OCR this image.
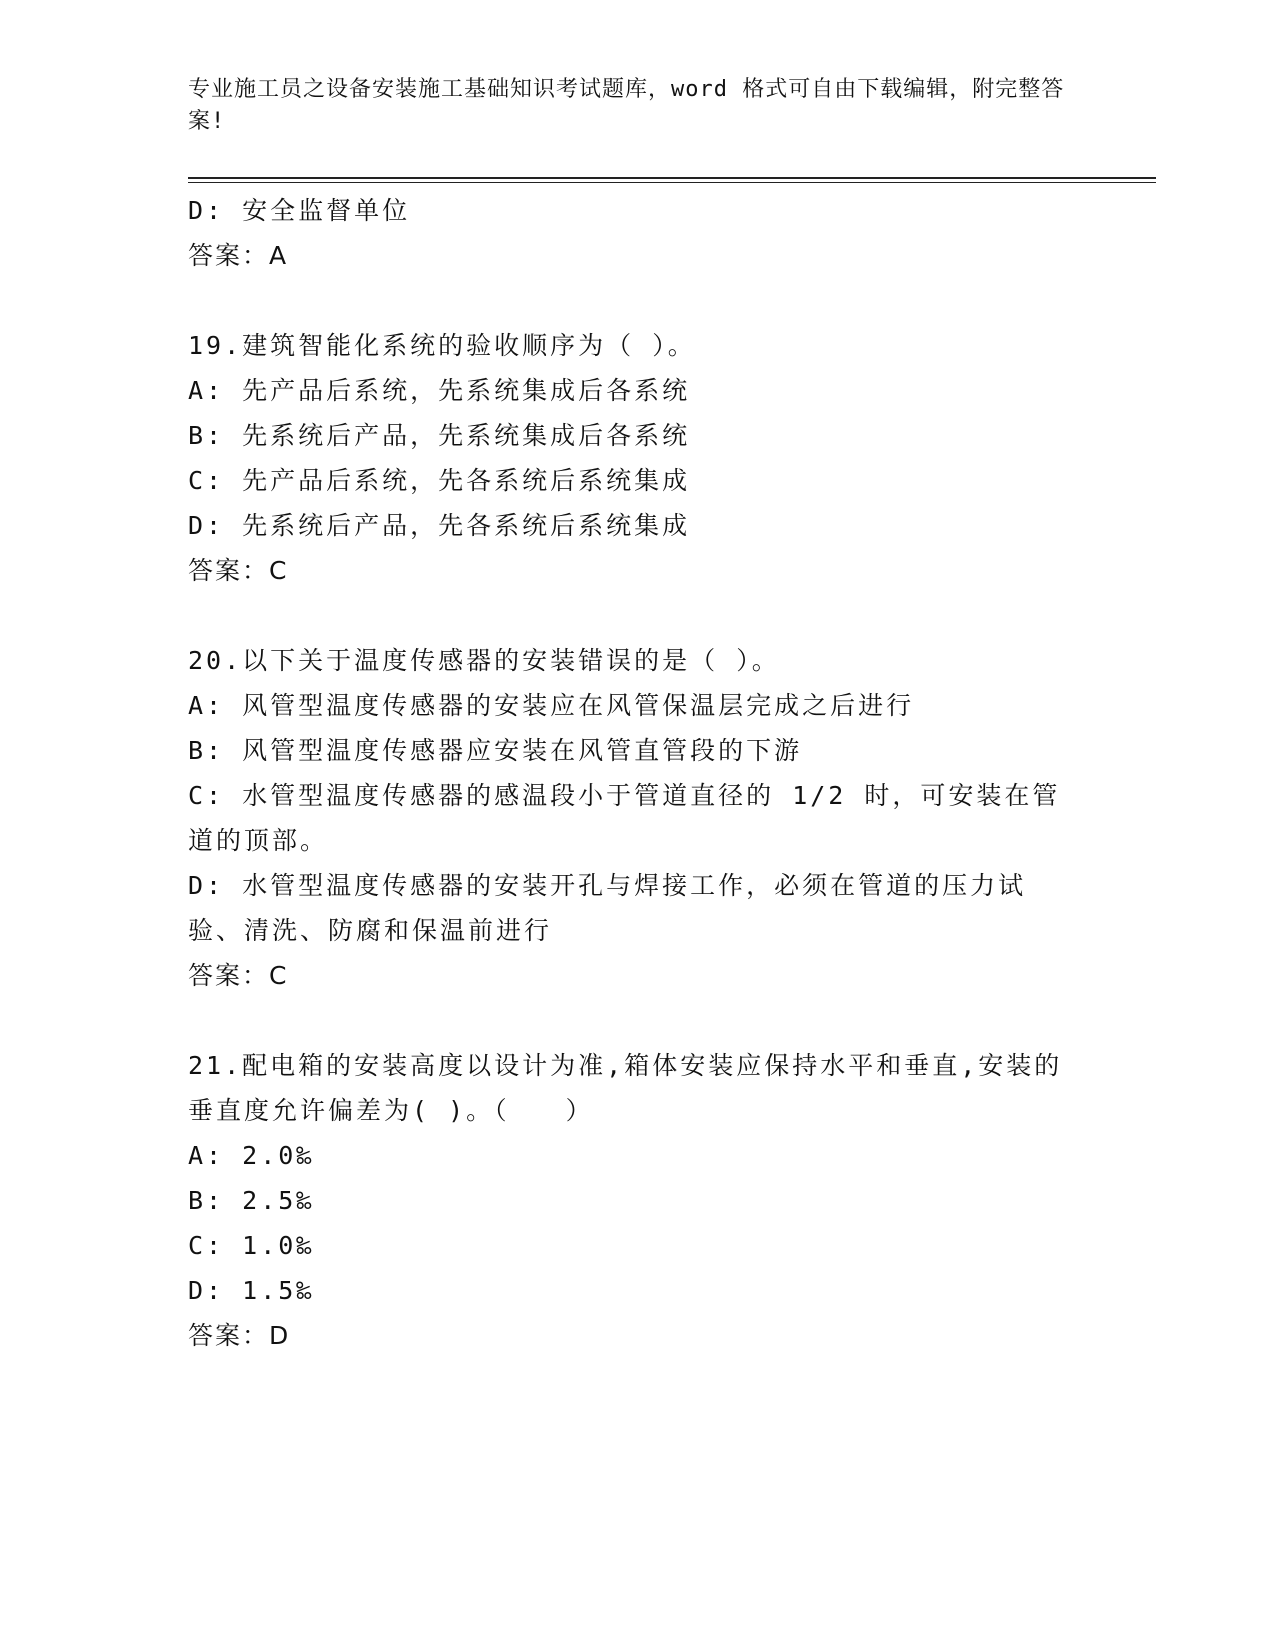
专业施工员之设备安装施工基础知识考试题库，word 格式可自由下载编辑，附完整答案!
D: 安全监督单位
答案：A
19.建筑智能化系统的验收顺序为（ ）。
A: 先产品后系统，先系统集成后各系统
B: 先系统后产品，先系统集成后各系统
C: 先产品后系统，先各系统后系统集成
D: 先系统后产品，先各系统后系统集成
答案：C
20.以下关于温度传感器的安装错误的是（ ）。
A: 风管型温度传感器的安装应在风管保温层完成之后进行
B: 风管型温度传感器应安装在风管直管段的下游
C: 水管型温度传感器的感温段小于管道直径的 1/2 时，可安装在管道的顶部。
D: 水管型温度传感器的安装开孔与焊接工作，必须在管道的压力试验、清洗、防腐和保温前进行
答案：C
21.配电箱的安装高度以设计为准,箱体安装应保持水平和垂直,安装的垂直度允许偏差为( )。（　　）
A: 2.0‰
B: 2.5‰
C: 1.0‰
D: 1.5‰
答案：D
